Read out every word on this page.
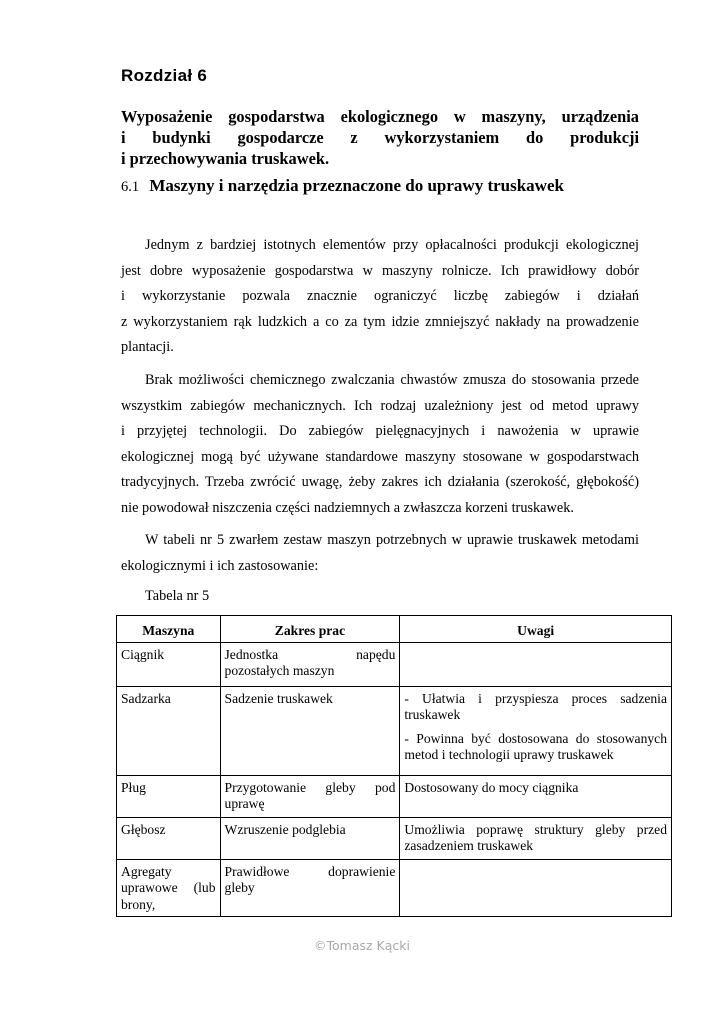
Rozdział 6
Wyposażenie gospodarstwa ekologicznego w maszyny, urządzenia
i budynki gospodarcze z wykorzystaniem do produkcji
i przechowywania truskawek.
6.1 Maszyny i narzędzia przeznaczone do uprawy truskawek

Jednym z bardziej istotnych elementów przy opłacalności produkcji ekologicznej
jest dobre wyposażenie gospodarstwa w maszyny rolnicze. Ich prawidłowy dobór
i wykorzystanie pozwala znacznie ograniczyć liczbę zabiegów i działań
z wykorzystaniem rąk ludzkich a co za tym idzie zmniejszyć nakłady na prowadzenie
plantacji.

Brak możliwości chemicznego zwalczania chwastów zmusza do stosowania przede
wszystkim zabiegów mechanicznych. Ich rodzaj uzależniony jest od metod uprawy
i przyjętej technologii. Do zabiegów pielęgnacyjnych i nawożenia w uprawie
ekologicznej mogą być używane standardowe maszyny stosowane w gospodarstwach
tradycyjnych. Trzeba zwrócić uwagę, żeby zakres ich działania (szerokość, głębokość)
nie powodował niszczenia części nadziemnych a zwłaszcza korzeni truskawek.

W tabeli nr 5 zwarłem zestaw maszyn potrzebnych w uprawie truskawek metodami
ekologicznymi i ich zastosowanie:

Tabela nr 5

Maszyna	Zakres prac	Uwagi
Ciągnik	Jednostka napędu
pozostałych maszyn	

Sadzarka	Sadzenie truskawek	- Ułatwia i przyspiesza proces sadzenia truskawek
- Powinna być dostosowana do stosowanych metod i technologii uprawy truskawek

Pług	Przygotowanie gleby pod
uprawę	Dostosowany do mocy ciągnika

Głębosz	Wzruszenie podglebia	Umożliwia poprawę struktury gleby przed zasadzeniem truskawek

Agregaty
uprawowe (lub
brony,	Prawidłowe doprawienie
gleby	

©Tomasz Kącki
